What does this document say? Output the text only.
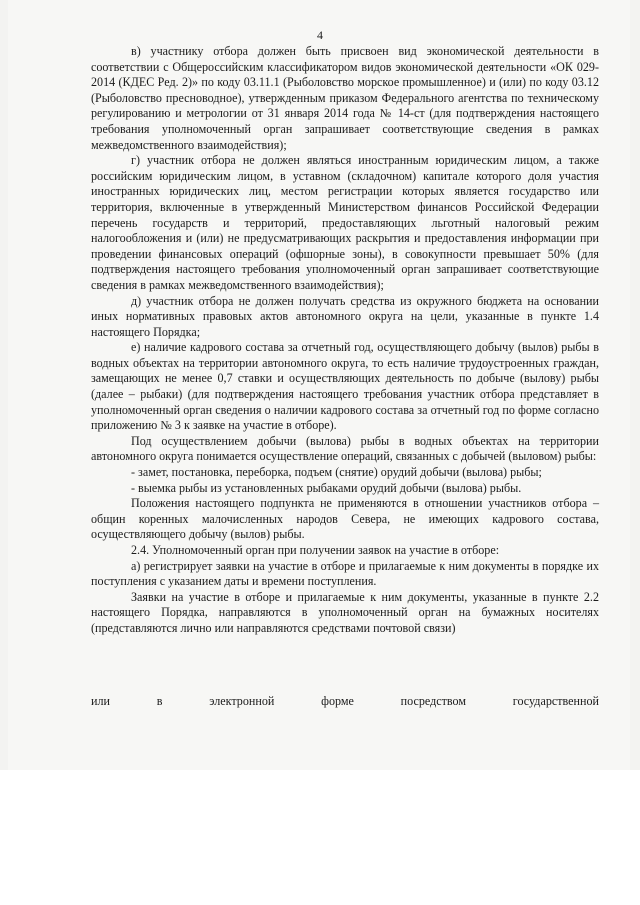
4

в) участнику отбора должен быть присвоен вид экономической деятельности в соответствии с Общероссийским классификатором видов экономической деятельности «ОК 029-2014 (КДЕС Ред. 2)» по коду 03.11.1 (Рыболовство морское промышленное) и (или) по коду 03.12 (Рыболовство пресноводное), утвержденным приказом Федерального агентства по техническому регулированию и метрологии от 31 января 2014 года № 14-ст (для подтверждения настоящего требования уполномоченный орган запрашивает соответствующие сведения в рамках межведомственного взаимодействия);

г) участник отбора не должен являться иностранным юридическим лицом, а также российским юридическим лицом, в уставном (складочном) капитале которого доля участия иностранных юридических лиц, местом регистрации которых является государство или территория, включенные в утвержденный Министерством финансов Российской Федерации перечень государств и территорий, предоставляющих льготный налоговый режим налогообложения и (или) не предусматривающих раскрытия и предоставления информации при проведении финансовых операций (офшорные зоны), в совокупности превышает 50% (для подтверждения настоящего требования уполномоченный орган запрашивает соответствующие сведения в рамках межведомственного взаимодействия);

д) участник отбора не должен получать средства из окружного бюджета на основании иных нормативных правовых актов автономного округа на цели, указанные в пункте 1.4 настоящего Порядка;

е) наличие кадрового состава за отчетный год, осуществляющего добычу (вылов) рыбы в водных объектах на территории автономного округа, то есть наличие трудоустроенных граждан, замещающих не менее 0,7 ставки и осуществляющих деятельность по добыче (вылову) рыбы (далее – рыбаки) (для подтверждения настоящего требования участник отбора представляет в уполномоченный орган сведения о наличии кадрового состава за отчетный год по форме согласно приложению № 3 к заявке на участие в отборе).

Под осуществлением добычи (вылова) рыбы в водных объектах на территории автономного округа понимается осуществление операций, связанных с добычей (выловом) рыбы:

- замет, постановка, переборка, подъем (снятие) орудий добычи (вылова) рыбы;

- выемка рыбы из установленных рыбаками орудий добычи (вылова) рыбы.

Положения настоящего подпункта не применяются в отношении участников отбора – общин коренных малочисленных народов Севера, не имеющих кадрового состава, осуществляющего добычу (вылов) рыбы.

2.4. Уполномоченный орган при получении заявок на участие в отборе:

а) регистрирует заявки на участие в отборе и прилагаемые к ним документы в порядке их поступления с указанием даты и времени поступления.

Заявки на участие в отборе и прилагаемые к ним документы, указанные в пункте 2.2 настоящего Порядка, направляются в уполномоченный орган на бумажных носителях (представляются лично или направляются средствами почтовой связи)

или в электронной форме посредством государственной
